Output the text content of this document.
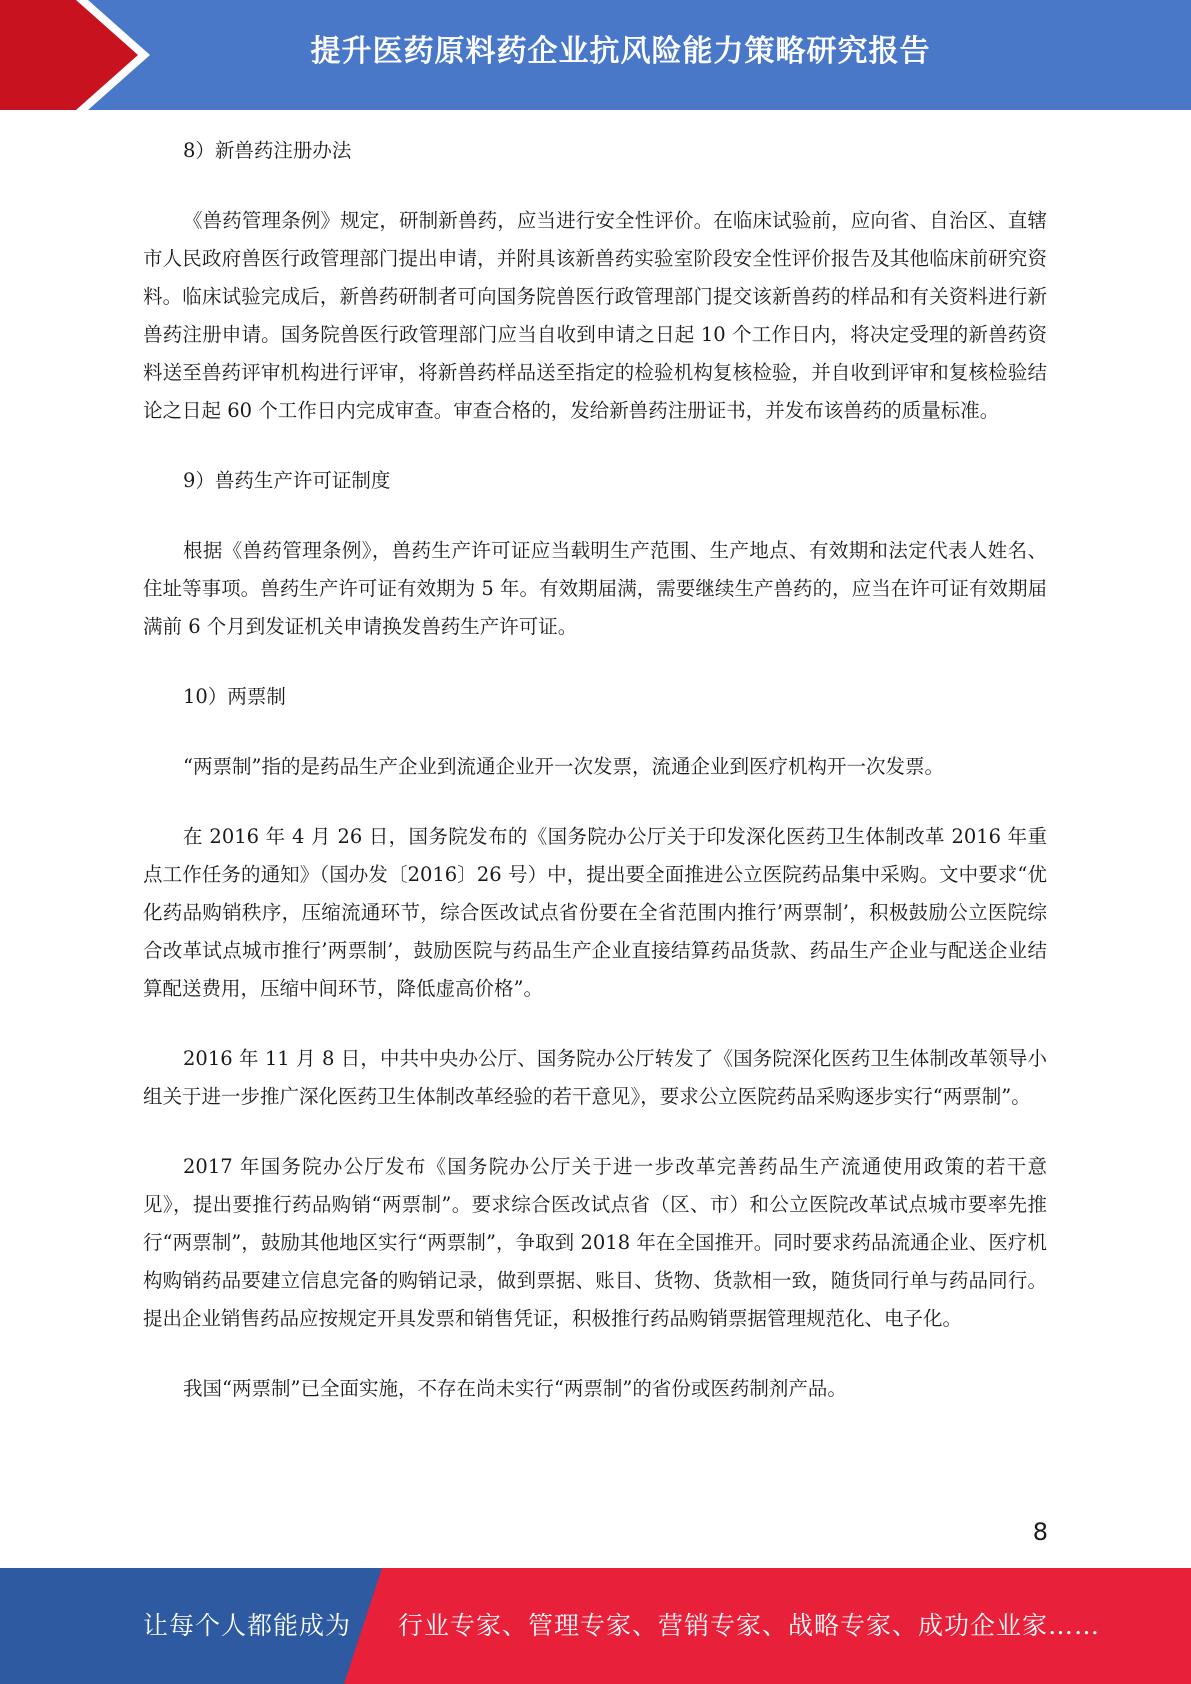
提升医药原料药企业抗风险能力策略研究报告

8）新兽药注册办法

《兽药管理条例》规定，研制新兽药，应当进行安全性评价。在临床试验前，应向省、自治区、直辖市人民政府兽医行政管理部门提出申请，并附具该新兽药实验室阶段安全性评价报告及其他临床前研究资料。临床试验完成后，新兽药研制者可向国务院兽医行政管理部门提交该新兽药的样品和有关资料进行新兽药注册申请。国务院兽医行政管理部门应当自收到申请之日起 10 个工作日内，将决定受理的新兽药资料送至兽药评审机构进行评审，将新兽药样品送至指定的检验机构复核检验，并自收到评审和复核检验结论之日起 60 个工作日内完成审查。审查合格的，发给新兽药注册证书，并发布该兽药的质量标准。

9）兽药生产许可证制度

根据《兽药管理条例》，兽药生产许可证应当载明生产范围、生产地点、有效期和法定代表人姓名、住址等事项。兽药生产许可证有效期为 5 年。有效期届满，需要继续生产兽药的，应当在许可证有效期届满前 6 个月到发证机关申请换发兽药生产许可证。

10）两票制

“两票制”指的是药品生产企业到流通企业开一次发票，流通企业到医疗机构开一次发票。

在 2016 年 4 月 26 日，国务院发布的《国务院办公厅关于印发深化医药卫生体制改革 2016 年重点工作任务的通知》（国办发〔2016〕26 号）中，提出要全面推进公立医院药品集中采购。文中要求“优化药品购销秩序，压缩流通环节，综合医改试点省份要在全省范围内推行’两票制’，积极鼓励公立医院综合改革试点城市推行’两票制’，鼓励医院与药品生产企业直接结算药品货款、药品生产企业与配送企业结算配送费用，压缩中间环节，降低虚高价格”。

2016 年 11 月 8 日，中共中央办公厅、国务院办公厅转发了《国务院深化医药卫生体制改革领导小组关于进一步推广深化医药卫生体制改革经验的若干意见》，要求公立医院药品采购逐步实行“两票制”。

2017 年国务院办公厅发布《国务院办公厅关于进一步改革完善药品生产流通使用政策的若干意见》，提出要推行药品购销“两票制”。要求综合医改试点省（区、市）和公立医院改革试点城市要率先推行“两票制”，鼓励其他地区实行“两票制”，争取到 2018 年在全国推开。同时要求药品流通企业、医疗机构购销药品要建立信息完备的购销记录，做到票据、账目、货物、货款相一致，随货同行单与药品同行。提出企业销售药品应按规定开具发票和销售凭证，积极推行药品购销票据管理规范化、电子化。

我国“两票制”已全面实施，不存在尚未实行“两票制”的省份或医药制剂产品。

8
让每个人都能成为 行业专家、管理专家、营销专家、战略专家、成功企业家……
